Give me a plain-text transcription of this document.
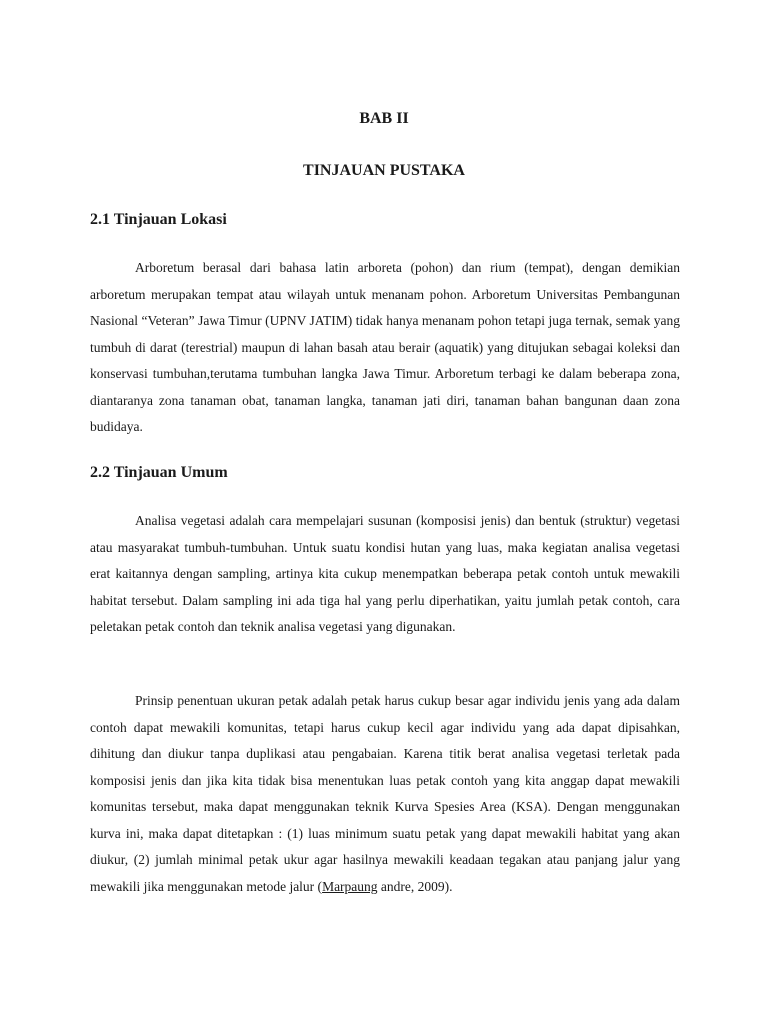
BAB II
TINJAUAN PUSTAKA
2.1 Tinjauan Lokasi

Arboretum berasal dari bahasa latin arboreta (pohon) dan rium (tempat), dengan demikian arboretum merupakan tempat atau wilayah untuk menanam pohon. Arboretum Universitas Pembangunan Nasional “Veteran” Jawa Timur (UPNV JATIM) tidak hanya menanam pohon tetapi juga ternak, semak yang tumbuh di darat (terestrial) maupun di lahan basah atau berair (aquatik) yang ditujukan sebagai koleksi dan konservasi tumbuhan,terutama tumbuhan langka Jawa Timur. Arboretum terbagi ke dalam beberapa zona, diantaranya zona tanaman obat, tanaman langka, tanaman jati diri, tanaman bahan bangunan daan zona budidaya.

2.2 Tinjauan Umum

Analisa vegetasi adalah cara mempelajari susunan (komposisi jenis) dan bentuk (struktur) vegetasi atau masyarakat tumbuh-tumbuhan. Untuk suatu kondisi hutan yang luas, maka kegiatan analisa vegetasi erat kaitannya dengan sampling, artinya kita cukup menempatkan beberapa petak contoh untuk mewakili habitat tersebut. Dalam sampling ini ada tiga hal yang perlu diperhatikan, yaitu jumlah petak contoh, cara peletakan petak contoh dan teknik analisa vegetasi yang digunakan.

Prinsip penentuan ukuran petak adalah petak harus cukup besar agar individu jenis yang ada dalam contoh dapat mewakili komunitas, tetapi harus cukup kecil agar individu yang ada dapat dipisahkan, dihitung dan diukur tanpa duplikasi atau pengabaian. Karena titik berat analisa vegetasi terletak pada komposisi jenis dan jika kita tidak bisa menentukan luas petak contoh yang kita anggap dapat mewakili komunitas tersebut, maka dapat menggunakan teknik Kurva Spesies Area (KSA). Dengan menggunakan kurva ini, maka dapat ditetapkan : (1) luas minimum suatu petak yang dapat mewakili habitat yang akan diukur, (2) jumlah minimal petak ukur agar hasilnya mewakili keadaan tegakan atau panjang jalur yang mewakili jika menggunakan metode jalur (Marpaung andre, 2009).
